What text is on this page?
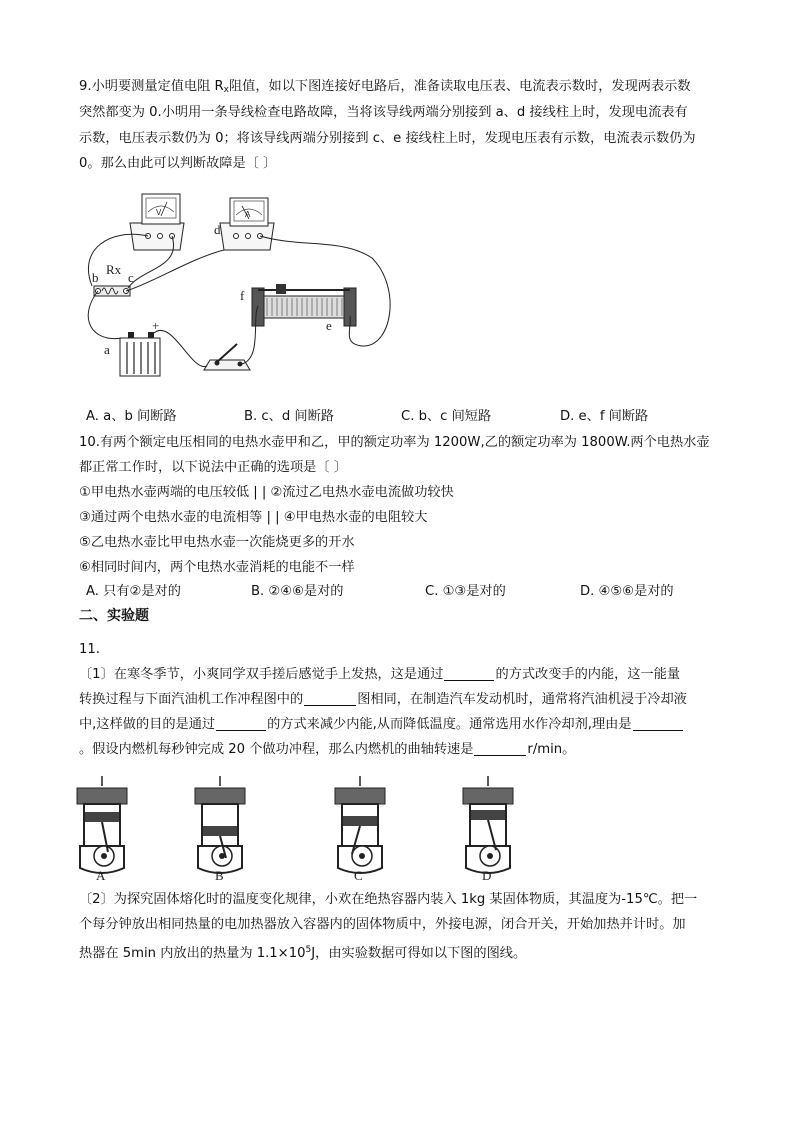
9.小明要测量定值电阻 $R_x$阻值，如以下图连接好电路后，准备读取电压表、电流表示数时，发现两表示数
突然都变为 0.小明用一条导线检查电路故障，当将该导线两端分别接到 a、d 接线柱上时，发现电流表有
示数，电压表示数仍为 0；将该导线两端分别接到 c、e 接线柱上时，发现电压表有示数，电流表示数仍为
0。那么由此可以判断故障是〔 〕
V	A
d
Rx
b c
+
a
f
e
A. a、b 间断路	B. c、d 间断路	C. b、c 间短路	D. e、f 间断路
10.有两个额定电压相同的电热水壶甲和乙，甲的额定功率为 1200W,乙的额定功率为 1800W.两个电热水壶
都正常工作时，以下说法中正确的选项是〔 〕
①甲电热水壶两端的电压较低 | | ②流过乙电热水壶电流做功较快
③通过两个电热水壶的电流相等 | | ④甲电热水壶的电阻较大
⑤乙电热水壶比甲电热水壶一次能烧更多的开水
⑥相同时间内，两个电热水壶消耗的电能不一样
A. 只有②是对的	B. ②④⑥是对的	C. ①③是对的	D. ④⑤⑥是对的
二、实验题
11.
〔1〕在寒冬季节，小爽同学双手搓后感觉手上发热，这是通过	的方式改变手的内能，这一能量
转换过程与下面汽油机工作冲程图中的	图相同，在制造汽车发动机时，通常将汽油机浸于冷却液
中,这样做的目的是通过	的方式来减少内能,从而降低温度。通常选用水作冷却剂,理由是
。假设内燃机每秒钟完成 20 个做功冲程，那么内燃机的曲轴转速是	r/min。
A	B	C	D
〔2〕为探究固体熔化时的温度变化规律，小欢在绝热容器内装入 1kg 某固体物质，其温度为-15℃。把一
个每分钟放出相同热量的电加热器放入容器内的固体物质中，外接电源，闭合开关，开始加热并计时。加
热器在 5min 内放出的热量为 $1.1\times 10^5J$，由实验数据可得如以下图的图线。
